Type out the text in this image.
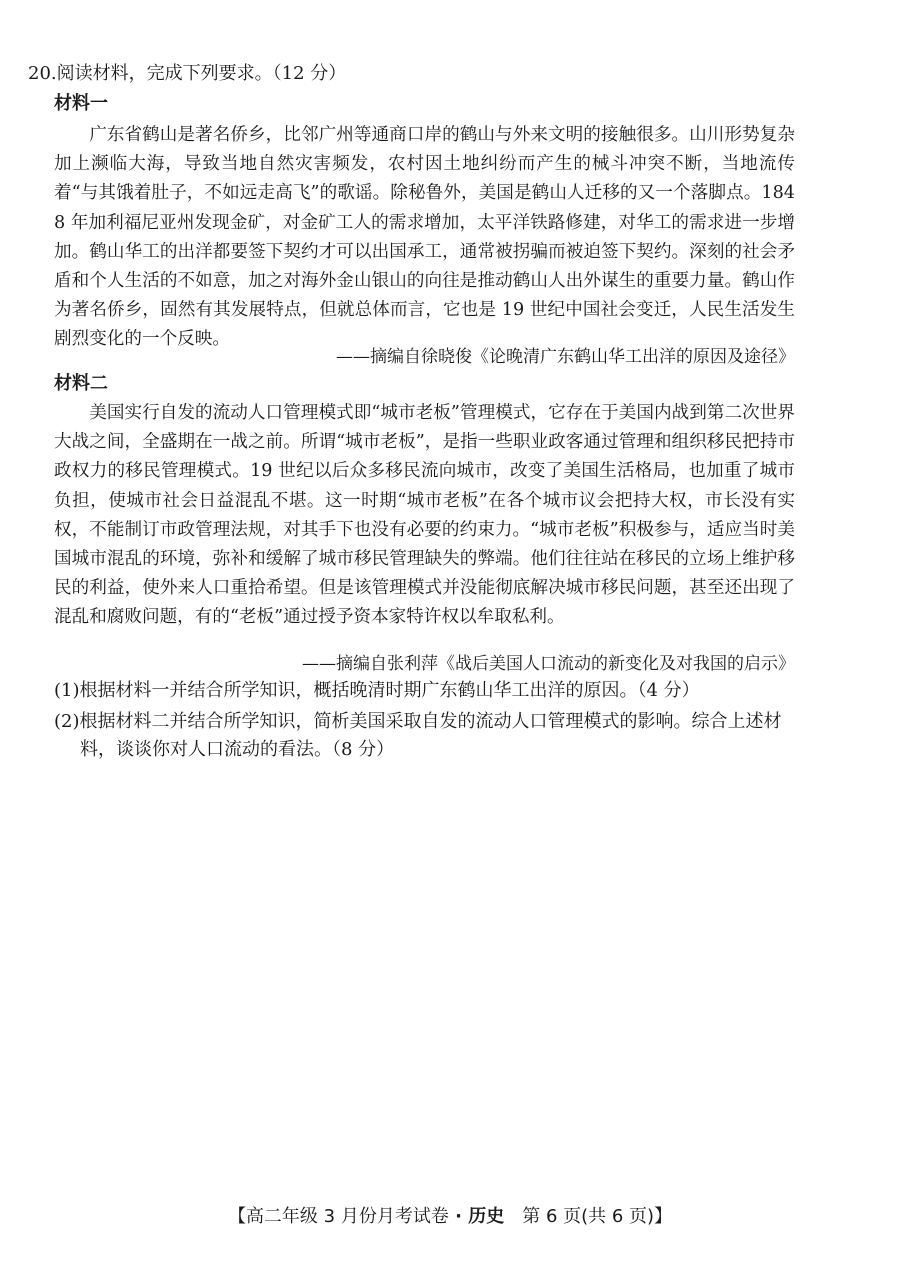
20.阅读材料，完成下列要求。（12 分）
材料一
广东省鹤山是著名侨乡，比邻广州等通商口岸的鹤山与外来文明的接触很多。山川形势复杂加上濒临大海，导致当地自然灾害频发，农村因土地纠纷而产生的械斗冲突不断，当地流传着“与其饿着肚子，不如远走高飞”的歌谣。除秘鲁外，美国是鹤山人迁移的又一个落脚点。1848 年加利福尼亚州发现金矿，对金矿工人的需求增加，太平洋铁路修建，对华工的需求进一步增加。鹤山华工的出洋都要签下契约才可以出国承工，通常被拐骗而被迫签下契约。深刻的社会矛盾和个人生活的不如意，加之对海外金山银山的向往是推动鹤山人出外谋生的重要力量。鹤山作为著名侨乡，固然有其发展特点，但就总体而言，它也是 19 世纪中国社会变迁，人民生活发生剧烈变化的一个反映。
——摘编自徐晓俊《论晚清广东鹤山华工出洋的原因及途径》
材料二
美国实行自发的流动人口管理模式即“城市老板”管理模式，它存在于美国内战到第二次世界大战之间，全盛期在一战之前。所谓“城市老板”，是指一些职业政客通过管理和组织移民把持市政权力的移民管理模式。19 世纪以后众多移民流向城市，改变了美国生活格局，也加重了城市负担，使城市社会日益混乱不堪。这一时期“城市老板”在各个城市议会把持大权，市长没有实权，不能制订市政管理法规，对其手下也没有必要的约束力。“城市老板”积极参与，适应当时美国城市混乱的环境，弥补和缓解了城市移民管理缺失的弊端。他们往往站在移民的立场上维护移民的利益，使外来人口重拾希望。但是该管理模式并没能彻底解决城市移民问题，甚至还出现了混乱和腐败问题，有的“老板”通过授予资本家特许权以牟取私利。
——摘编自张利萍《战后美国人口流动的新变化及对我国的启示》
(1)根据材料一并结合所学知识，概括晚清时期广东鹤山华工出洋的原因。（4 分）
(2)根据材料二并结合所学知识，简析美国采取自发的流动人口管理模式的影响。综合上述材料，谈谈你对人口流动的看法。（8 分）
【高二年级 3 月份月考试卷 · 历史　第 6 页(共 6 页)】
